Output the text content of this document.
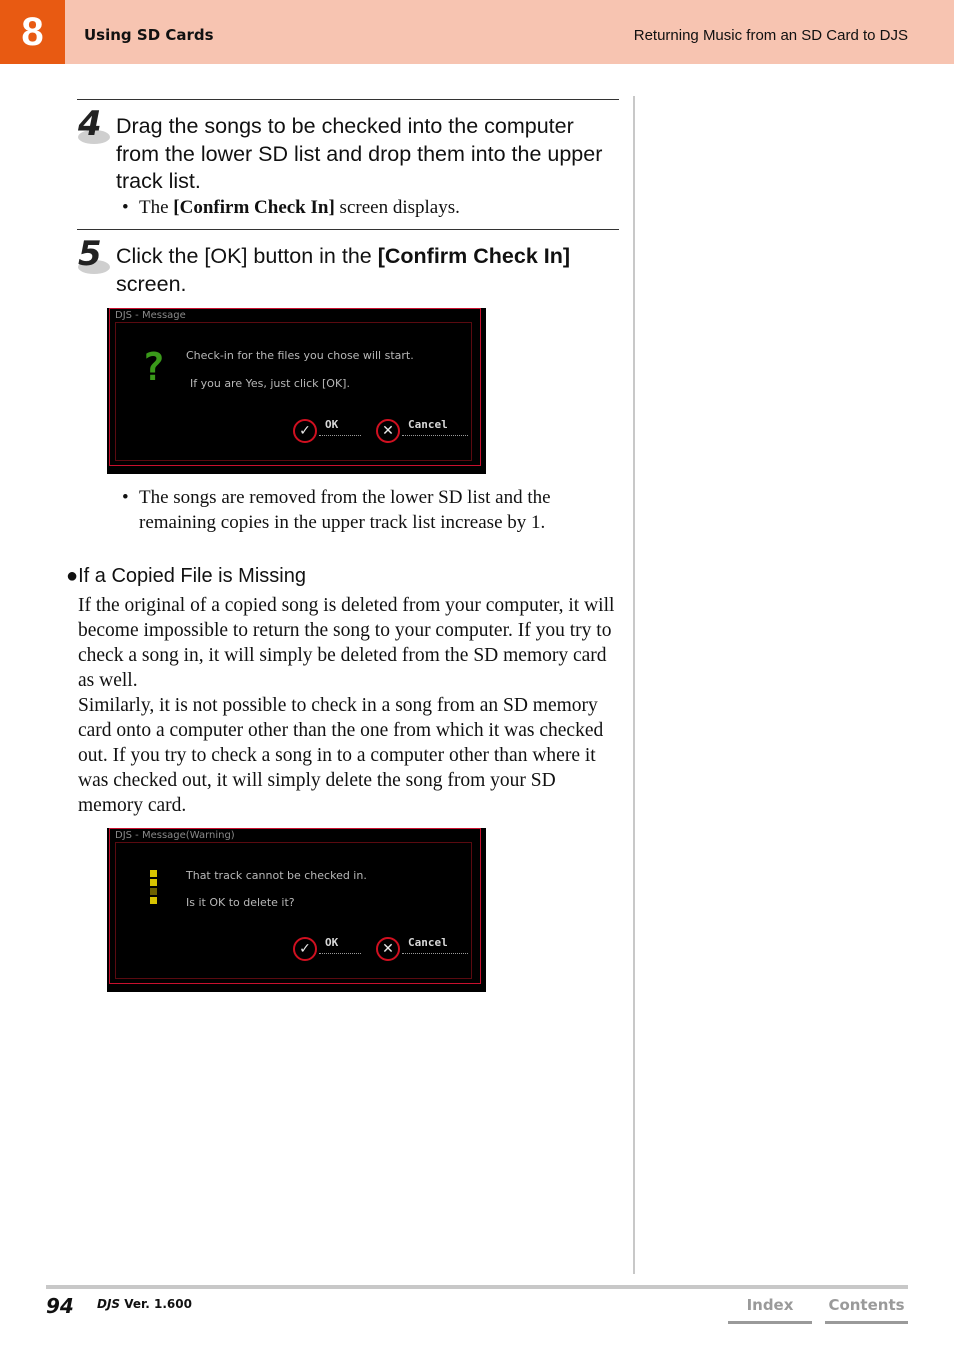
8	Using SD Cards	Returning Music from an SD Card to DJS
4 Drag the songs to be checked into the computer from the lower SD list and drop them into the upper track list.
• The [Confirm Check In] screen displays.
5 Click the [OK] button in the [Confirm Check In] screen.
DJS - Message
? Check-in for the files you chose will start.
If you are Yes, just click [OK].
✓	OK	✕	Cancel
• The songs are removed from the lower SD list and the remaining copies in the upper track list increase by 1.
●If a Copied File is Missing
If the original of a copied song is deleted from your computer, it will become impossible to return the song to your computer. If you try to check a song in, it will simply be deleted from the SD memory card as well.
Similarly, it is not possible to check in a song from an SD memory card onto a computer other than the one from which it was checked out. If you try to check a song in to a computer other than where it was checked out, it will simply delete the song from your SD memory card.
DJS - Message(Warning)
That track cannot be checked in.
Is it OK to delete it?
✓	OK	✕	Cancel
94 DJS Ver. 1.600	Index	Contents
